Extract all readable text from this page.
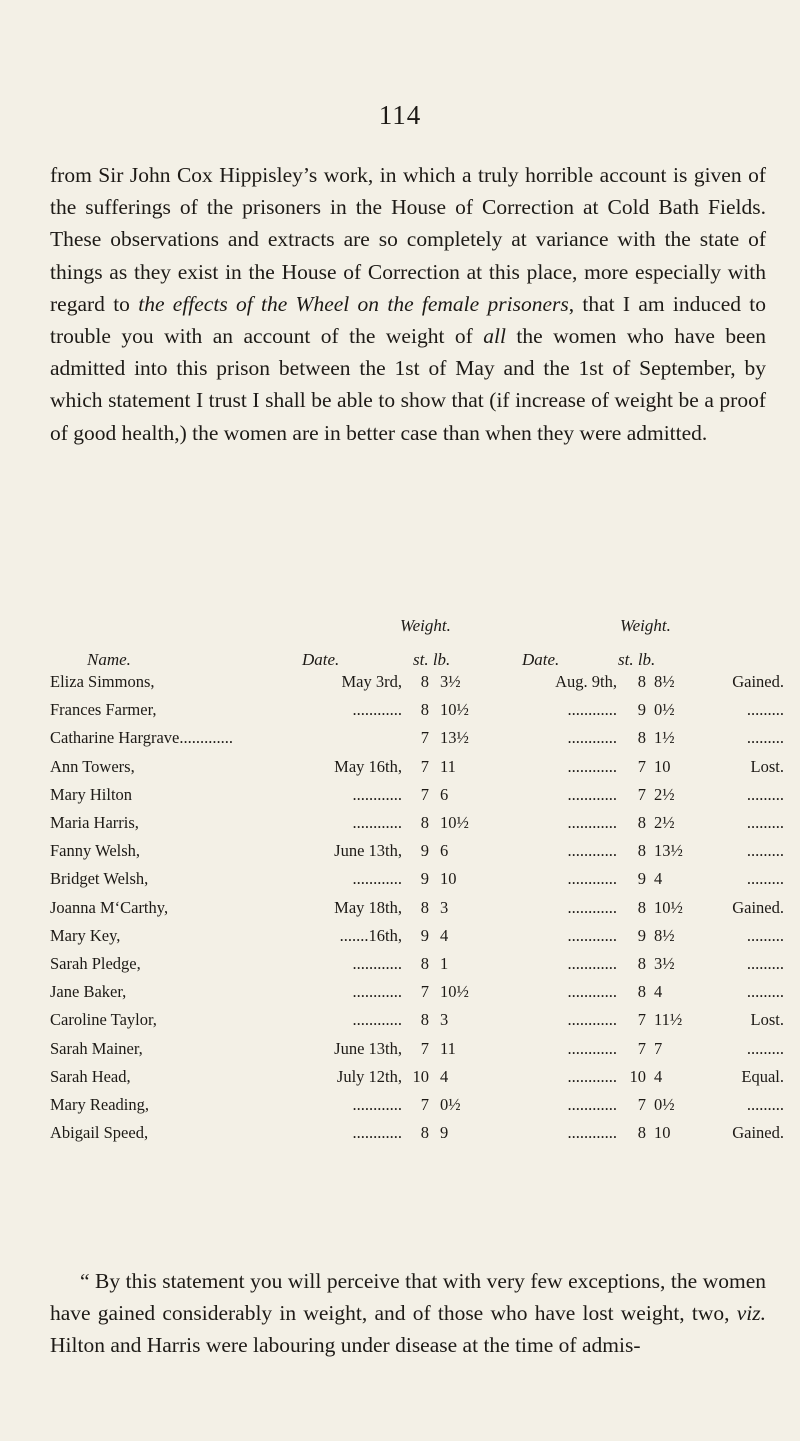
114

from Sir John Cox Hippisley’s work, in which a truly horrible account is given of the sufferings of the prisoners in the House of Correction at Cold Bath Fields. These observations and extracts are so completely at variance with the state of things as they exist in the House of Correction at this place, more especially with regard to the effects of the Wheel on the female prisoners, that I am induced to trouble you with an account of the weight of all the women who have been admitted into this prison between the 1st of May and the 1st of September, by which statement I trust I shall be able to show that (if increase of weight be a proof of good health,) the women are in better case than when they were admitted.

Weight.	Weight.
Name.	Date.	st. lb.	Date.	st. lb.
Eliza Simmons,	May 3rd,	8 3½	Aug. 9th,	8 8½	Gained.
Frances Farmer,	............	8 10½	............	9 0½	.........
Catharine Hargrave.............	7 13½	............	8 1½	.........
Ann Towers,	May 16th,	7 11	............	7 10	Lost.
Mary Hilton	............	7 6	............	7 2½	.........
Maria Harris,	............	8 10½	............	8 2½	.........
Fanny Welsh,	June 13th,	9 6	............	8 13½	.........
Bridget Welsh,	............	9 10	............	9 4	.........
Joanna M‘Carthy,	May 18th,	8 3	............	8 10½	Gained.
Mary Key,	.......16th,	9 4	............	9 8½	.........
Sarah Pledge,	............	8 1	............	8 3½	.........
Jane Baker,	............	7 10½	............	8 4	.........
Caroline Taylor,	............	8 3	............	7 11½	Lost.
Sarah Mainer,	June 13th,	7 11	............	7 7	.........
Sarah Head,	July 12th, 10 4	............ 10 4	Equal.
Mary Reading,	............	7 0½	............	7 0½	.........
Abigail Speed,	............	8 9	............	8 10	Gained.

“ By this statement you will perceive that with very few exceptions, the women have gained considerably in weight, and of those who have lost weight, two, viz. Hilton and Harris were labouring under disease at the time of admis-
